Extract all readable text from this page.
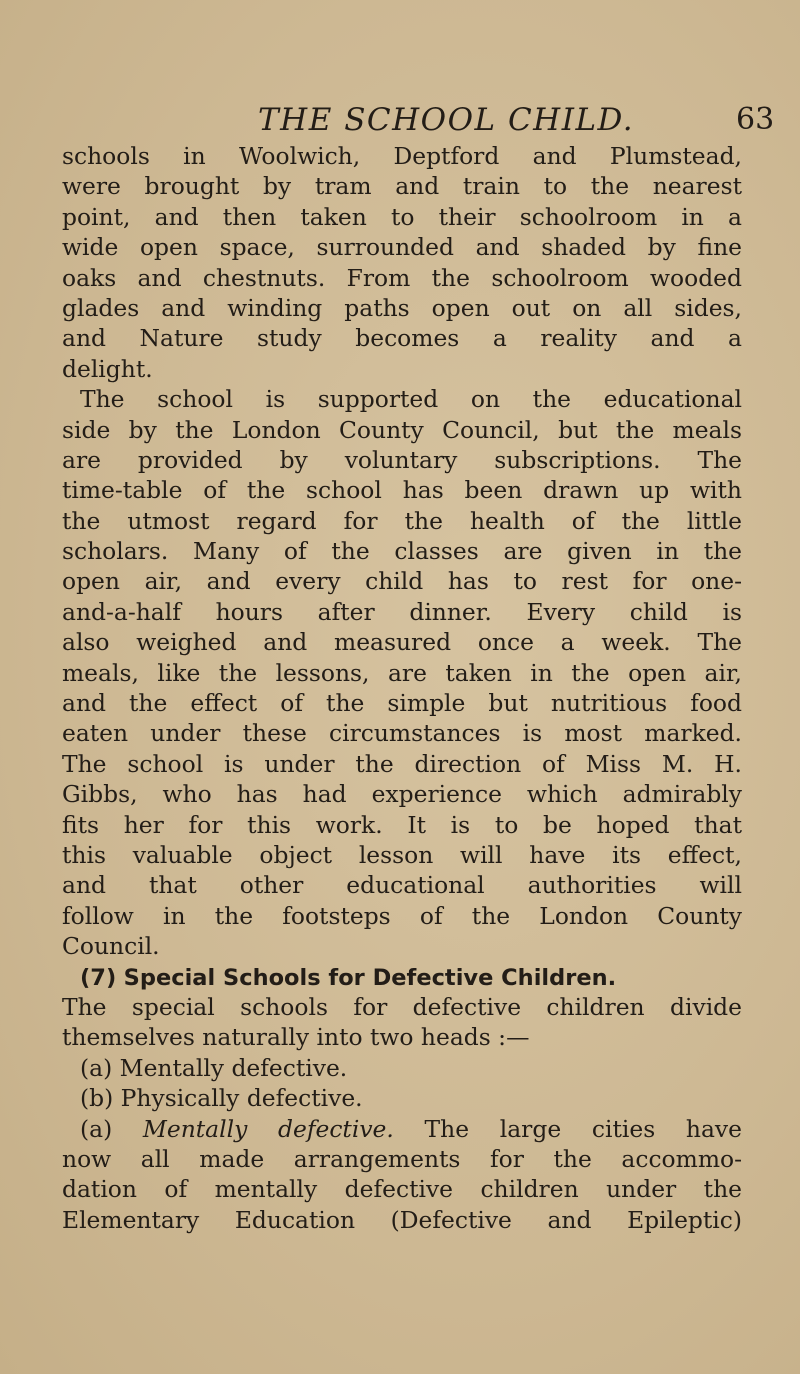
THE SCHOOL CHILD.	63
schools in Woolwich, Deptford and Plumstead,
were brought by tram and train to the nearest
point, and then taken to their schoolroom in a
wide open space, surrounded and shaded by fine
oaks and chestnuts. From the schoolroom wooded
glades and winding paths open out on all sides,
and Nature study becomes a reality and a
delight.
The school is supported on the educational
side by the London County Council, but the meals
are provided by voluntary subscriptions. The
time-table of the school has been drawn up with
the utmost regard for the health of the little
scholars. Many of the classes are given in the
open air, and every child has to rest for one-
and-a-half hours after dinner. Every child is
also weighed and measured once a week. The
meals, like the lessons, are taken in the open air,
and the effect of the simple but nutritious food
eaten under these circumstances is most marked.
The school is under the direction of Miss M. H.
Gibbs, who has had experience which admirably
fits her for this work. It is to be hoped that
this valuable object lesson will have its effect,
and that other educational authorities will
follow in the footsteps of the London County
Council.
(7) Special Schools for Defective Children.
The special schools for defective children divide
themselves naturally into two heads :—
(a) Mentally defective.
(b) Physically defective.
(a) Mentally defective. The large cities have
now all made arrangements for the accommo-
dation of mentally defective children under the
Elementary Education (Defective and Epileptic)
